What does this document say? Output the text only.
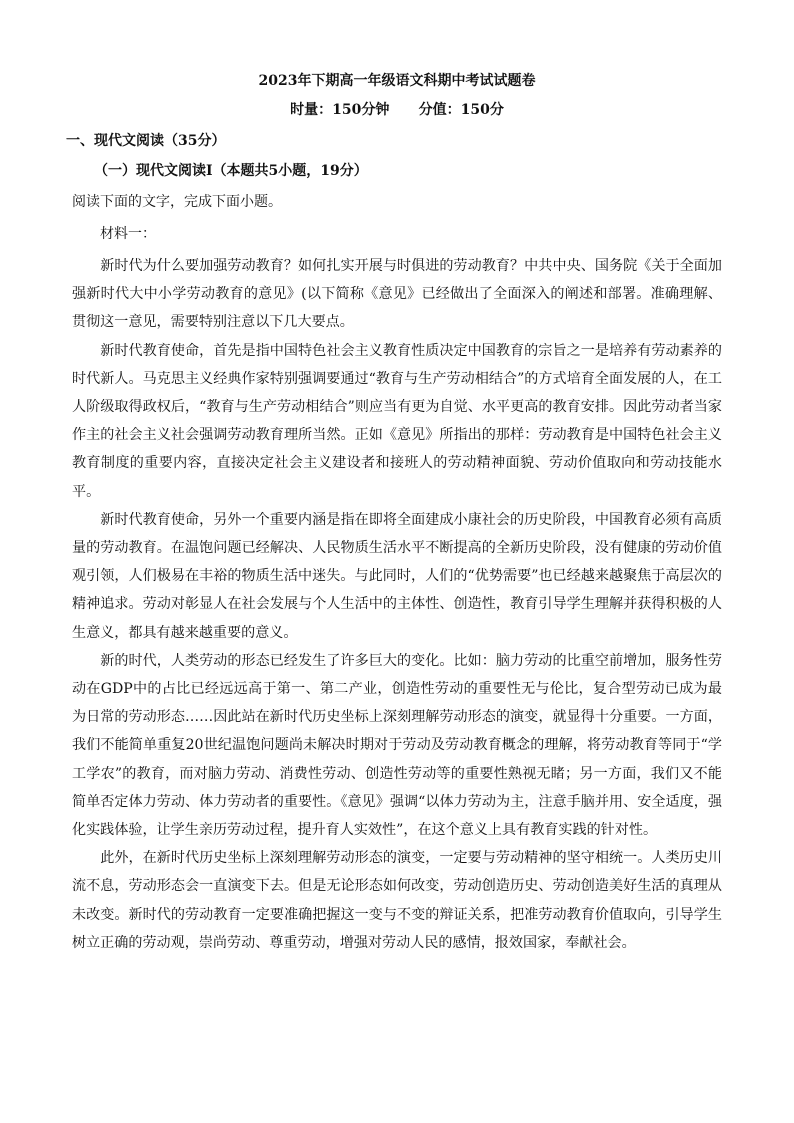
2023年下期高一年级语文科期中考试试题卷
时量：150分钟      分值：150分
一、现代文阅读（35分）
（一）现代文阅读Ⅰ（本题共5小题，19分）
阅读下面的文字，完成下面小题。
材料一：

新时代为什么要加强劳动教育？如何扎实开展与时俱进的劳动教育？中共中央、国务院《关于全面加强新时代大中小学劳动教育的意见》(以下简称《意见》已经做出了全面深入的阐述和部署。准确理解、贯彻这一意见，需要特别注意以下几大要点。

新时代教育使命，首先是指中国特色社会主义教育性质决定中国教育的宗旨之一是培养有劳动素养的时代新人。马克思主义经典作家特别强调要通过“教育与生产劳动相结合”的方式培育全面发展的人，在工人阶级取得政权后，“教育与生产劳动相结合”则应当有更为自觉、水平更高的教育安排。因此劳动者当家作主的社会主义社会强调劳动教育理所当然。正如《意见》所指出的那样：劳动教育是中国特色社会主义教育制度的重要内容，直接决定社会主义建设者和接班人的劳动精神面貌、劳动价值取向和劳动技能水平。

新时代教育使命，另外一个重要内涵是指在即将全面建成小康社会的历史阶段，中国教育必须有高质量的劳动教育。在温饱问题已经解决、人民物质生活水平不断提高的全新历史阶段，没有健康的劳动价值观引领，人们极易在丰裕的物质生活中迷失。与此同时，人们的“优势需要”也已经越来越聚焦于高层次的精神追求。劳动对彰显人在社会发展与个人生活中的主体性、创造性，教育引导学生理解并获得积极的人生意义，都具有越来越重要的意义。

新的时代，人类劳动的形态已经发生了许多巨大的变化。比如：脑力劳动的比重空前增加，服务性劳动在GDP中的占比已经远远高于第一、第二产业，创造性劳动的重要性无与伦比，复合型劳动已成为最为日常的劳动形态……因此站在新时代历史坐标上深刻理解劳动形态的演变，就显得十分重要。一方面，我们不能简单重复20世纪温饱问题尚未解决时期对于劳动及劳动教育概念的理解，将劳动教育等同于“学工学农”的教育，而对脑力劳动、消费性劳动、创造性劳动等的重要性熟视无睹；另一方面，我们又不能简单否定体力劳动、体力劳动者的重要性。《意见》强调“以体力劳动为主，注意手脑并用、安全适度，强化实践体验，让学生亲历劳动过程，提升育人实效性”，在这个意义上具有教育实践的针对性。

此外，在新时代历史坐标上深刻理解劳动形态的演变，一定要与劳动精神的坚守相统一。人类历史川流不息，劳动形态会一直演变下去。但是无论形态如何改变，劳动创造历史、劳动创造美好生活的真理从未改变。新时代的劳动教育一定要准确把握这一变与不变的辩证关系，把准劳动教育价值取向，引导学生树立正确的劳动观，崇尚劳动、尊重劳动，增强对劳动人民的感情，报效国家，奉献社会。
